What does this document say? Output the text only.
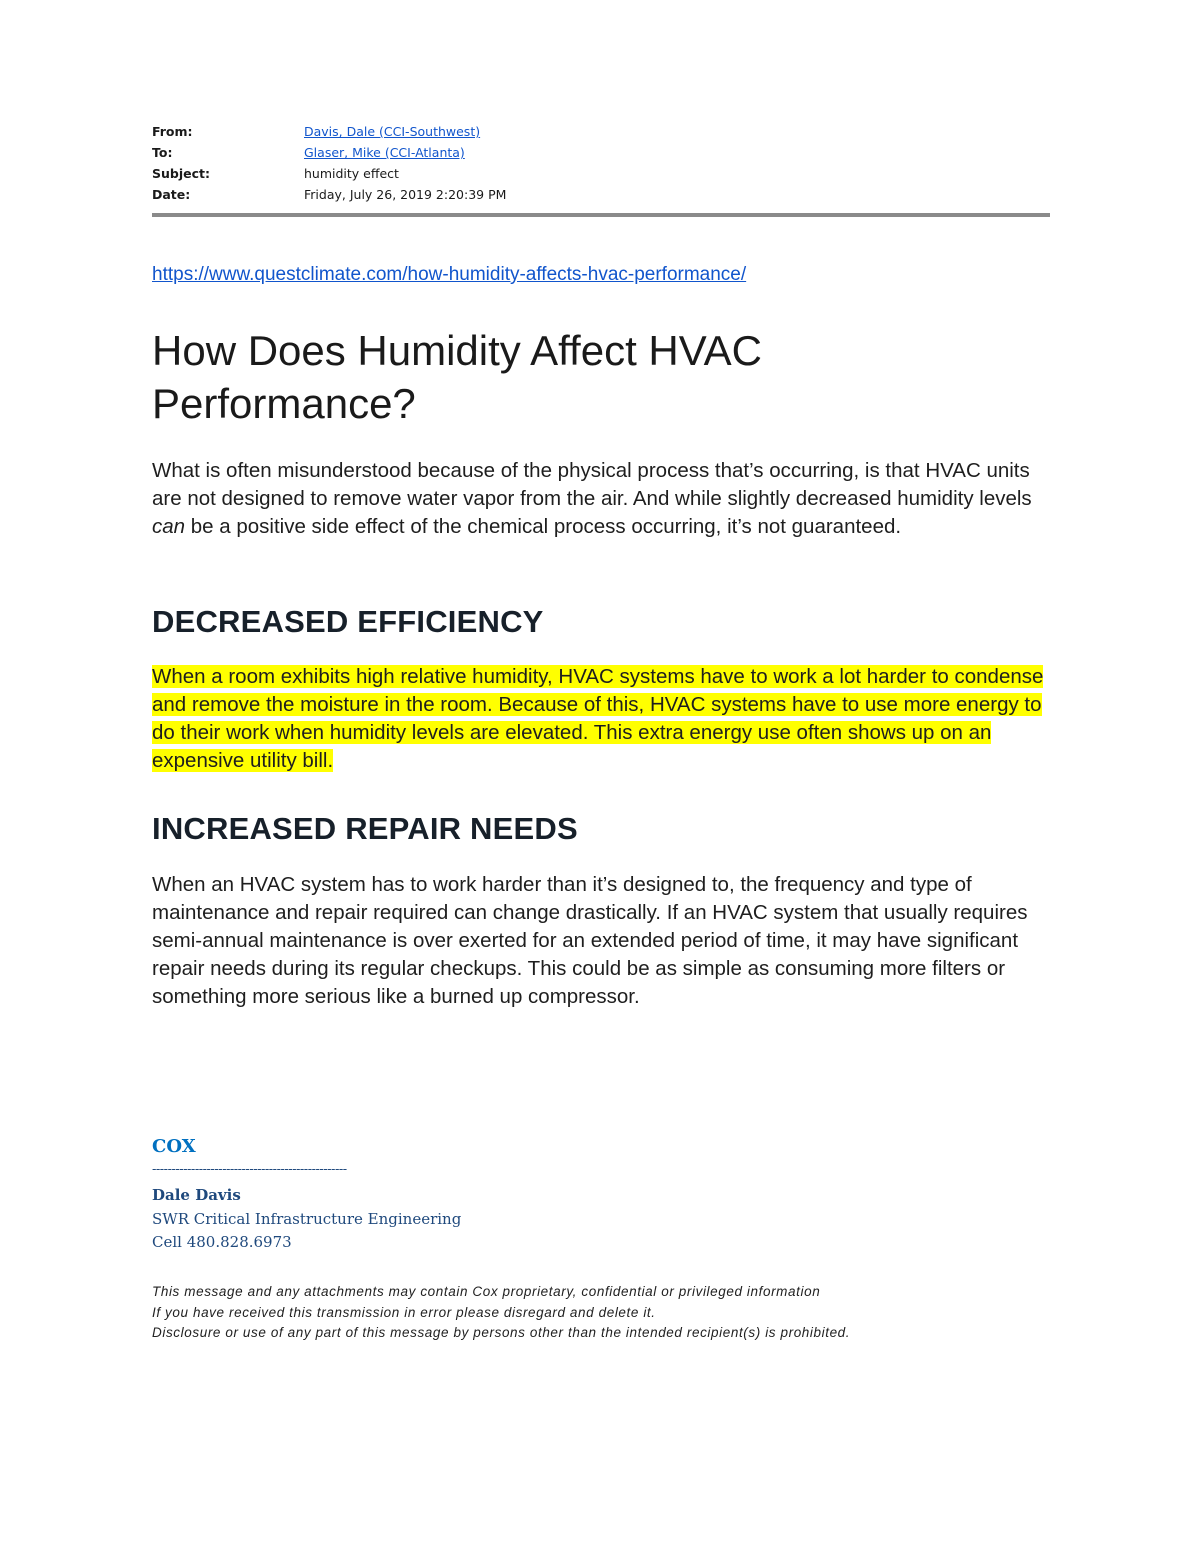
From:	Davis, Dale (CCI-Southwest)
To:	Glaser, Mike (CCI-Atlanta)
Subject:	humidity effect
Date:	Friday, July 26, 2019 2:20:39 PM
https://www.questclimate.com/how-humidity-affects-hvac-performance/
How Does Humidity Affect HVAC
Performance?

What is often misunderstood because of the physical process that’s occurring, is that HVAC units are not designed to remove water vapor from the air. And while slightly decreased humidity levels can be a positive side effect of the chemical process occurring, it’s not guaranteed.

DECREASED EFFICIENCY

When a room exhibits high relative humidity, HVAC systems have to work a lot harder to condense and remove the moisture in the room. Because of this, HVAC systems have to use more energy to do their work when humidity levels are elevated. This extra energy use often shows up on an expensive utility bill.

INCREASED REPAIR NEEDS

When an HVAC system has to work harder than it’s designed to, the frequency and type of maintenance and repair required can change drastically. If an HVAC system that usually requires semi-annual maintenance is over exerted for an extended period of time, it may have significant repair needs during its regular checkups. This could be as simple as consuming more filters or something more serious like a burned up compressor.

COX
--------------------------------------------------
Dale Davis
SWR Critical Infrastructure Engineering
Cell 480.828.6973
This message and any attachments may contain Cox proprietary, confidential or privileged information
If you have received this transmission in error please disregard and delete it.
Disclosure or use of any part of this message by persons other than the intended recipient(s) is prohibited.
